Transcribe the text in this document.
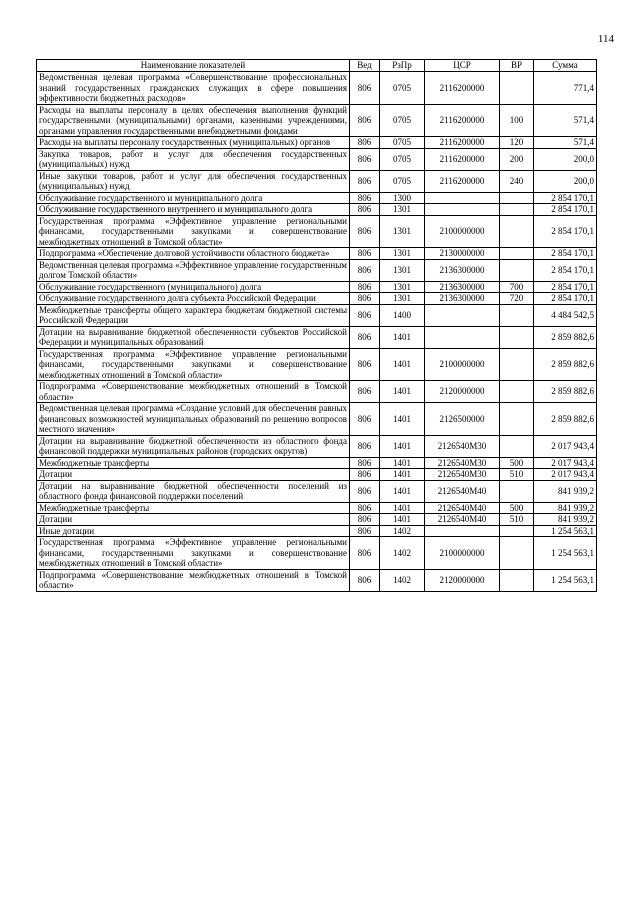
114
Наименование показателей	Вед	РзПр	ЦСР	ВР	Сумма
Ведомственная целевая программа «Совершенствование профессиональных знаний государственных гражданских служащих в сфере повышения эффективности бюджетных расходов»	806	0705	2116200000		771,4
Расходы на выплаты персоналу в целях обеспечения выполнения функций государственными (муниципальными) органами, казенными учреждениями, органами управления государственными внебюджетными фондами	806	0705	2116200000	100	571,4
Расходы на выплаты персоналу государственных (муниципальных) органов	806	0705	2116200000	120	571,4
Закупка товаров, работ и услуг для обеспечения государственных (муниципальных) нужд	806	0705	2116200000	200	200,0
Иные закупки товаров, работ и услуг для обеспечения государственных (муниципальных) нужд	806	0705	2116200000	240	200,0
Обслуживание государственного и муниципального долга	806	1300			2 854 170,1
Обслуживание государственного внутреннего и муниципального долга	806	1301			2 854 170,1
Государственная программа «Эффективное управление региональными финансами, государственными закупками и совершенствование межбюджетных отношений в Томской области»	806	1301	2100000000		2 854 170,1
Подпрограмма «Обеспечение долговой устойчивости областного бюджета»	806	1301	2130000000		2 854 170,1
Ведомственная целевая программа «Эффективное управление государственным долгом Томской области»	806	1301	2136300000		2 854 170,1
Обслуживание государственного (муниципального) долга	806	1301	2136300000	700	2 854 170,1
Обслуживание государственного долга субъекта Российской Федерации	806	1301	2136300000	720	2 854 170,1
Межбюджетные трансферты общего характера бюджетам бюджетной системы Российской Федерации	806	1400			4 484 542,5
Дотации на выравнивание бюджетной обеспеченности субъектов Российской Федерации и муниципальных образований	806	1401			2 859 882,6
Государственная программа «Эффективное управление региональными финансами, государственными закупками и совершенствование межбюджетных отношений в Томской области»	806	1401	2100000000		2 859 882,6
Подпрограмма «Совершенствование межбюджетных отношений в Томской области»	806	1401	2120000000		2 859 882,6
Ведомственная целевая программа «Создание условий для обеспечения равных финансовых возможностей муниципальных образований по решению вопросов местного значения»	806	1401	2126500000		2 859 882,6
Дотации на выравнивание бюджетной обеспеченности из областного фонда финансовой поддержки муниципальных районов (городских округов)	806	1401	2126540М30		2 017 943,4
Межбюджетные трансферты	806	1401	2126540М30	500	2 017 943,4
Дотации	806	1401	2126540М30	510	2 017 943,4
Дотации на выравнивание бюджетной обеспеченности поселений из областного фонда финансовой поддержки поселений	806	1401	2126540М40		841 939,2
Межбюджетные трансферты	806	1401	2126540М40	500	841 939,2
Дотации	806	1401	2126540М40	510	841 939,2
Иные дотации	806	1402			1 254 563,1
Государственная программа «Эффективное управление региональными финансами, государственными закупками и совершенствование межбюджетных отношений в Томской области»	806	1402	2100000000		1 254 563,1
Подпрограмма «Совершенствование межбюджетных отношений в Томской области»	806	1402	2120000000		1 254 563,1
